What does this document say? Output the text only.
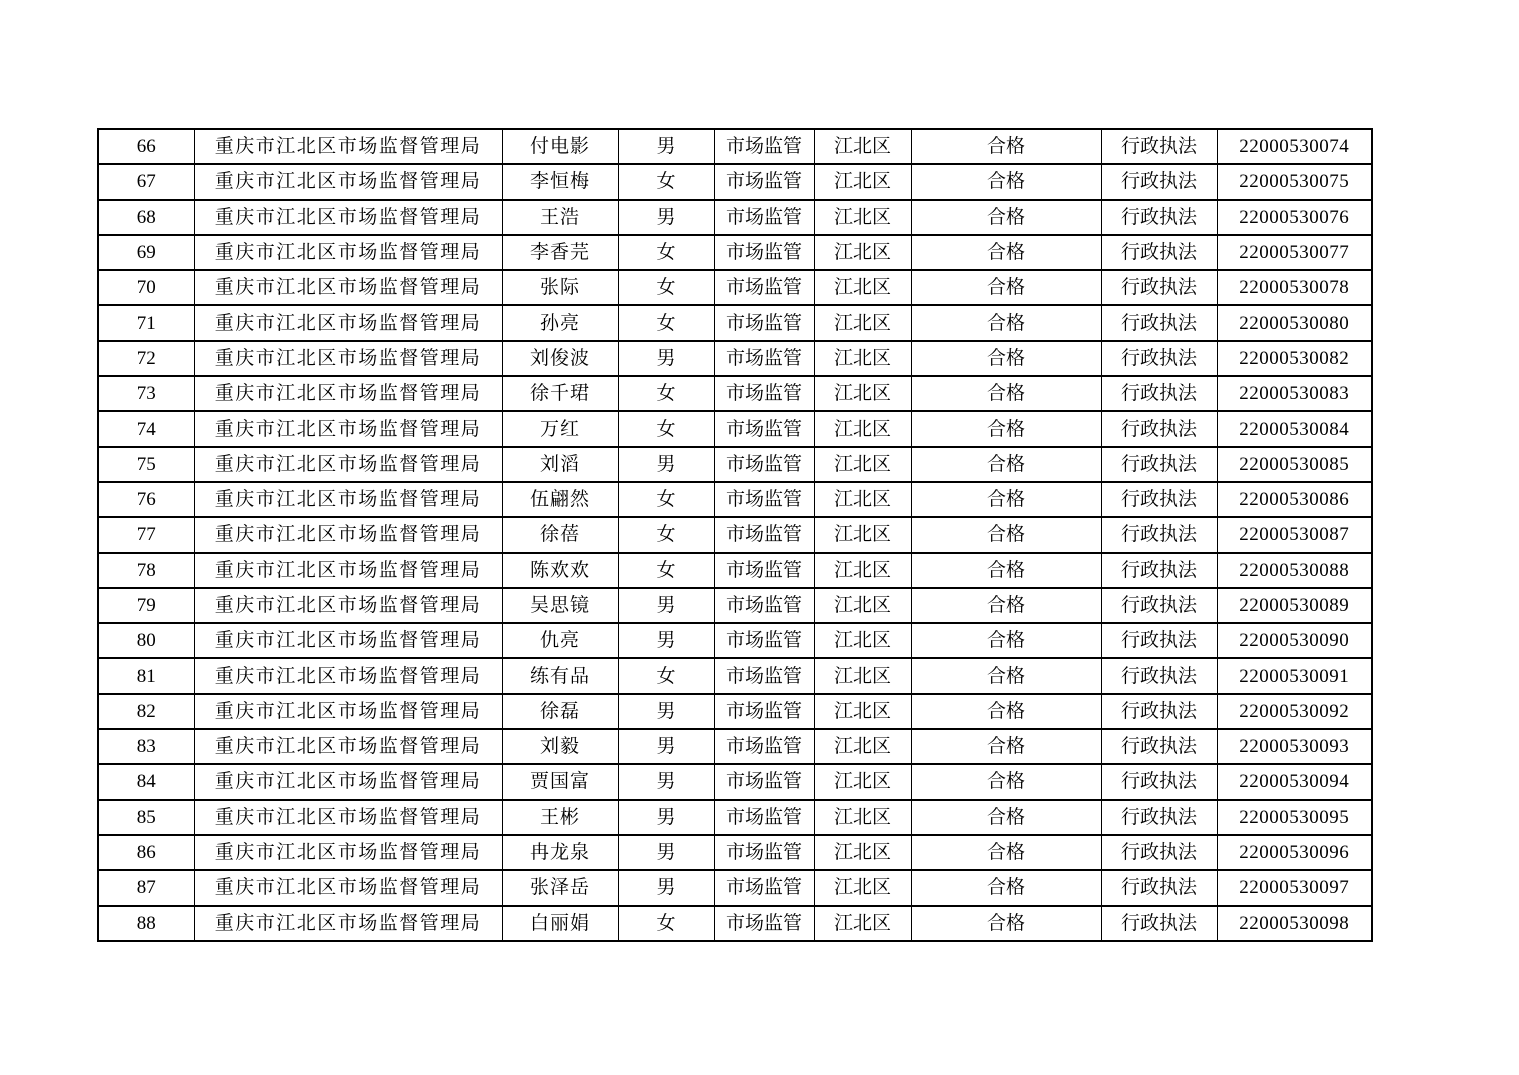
66	重庆市江北区市场监督管理局	付电影	男	市场监管	江北区	合格	行政执法	22000530074
67	重庆市江北区市场监督管理局	李恒梅	女	市场监管	江北区	合格	行政执法	22000530075
68	重庆市江北区市场监督管理局	王浩	男	市场监管	江北区	合格	行政执法	22000530076
69	重庆市江北区市场监督管理局	李香芫	女	市场监管	江北区	合格	行政执法	22000530077
70	重庆市江北区市场监督管理局	张际	女	市场监管	江北区	合格	行政执法	22000530078
71	重庆市江北区市场监督管理局	孙亮	女	市场监管	江北区	合格	行政执法	22000530080
72	重庆市江北区市场监督管理局	刘俊波	男	市场监管	江北区	合格	行政执法	22000530082
73	重庆市江北区市场监督管理局	徐千珺	女	市场监管	江北区	合格	行政执法	22000530083
74	重庆市江北区市场监督管理局	万红	女	市场监管	江北区	合格	行政执法	22000530084
75	重庆市江北区市场监督管理局	刘滔	男	市场监管	江北区	合格	行政执法	22000530085
76	重庆市江北区市场监督管理局	伍翩然	女	市场监管	江北区	合格	行政执法	22000530086
77	重庆市江北区市场监督管理局	徐蓓	女	市场监管	江北区	合格	行政执法	22000530087
78	重庆市江北区市场监督管理局	陈欢欢	女	市场监管	江北区	合格	行政执法	22000530088
79	重庆市江北区市场监督管理局	吴思镜	男	市场监管	江北区	合格	行政执法	22000530089
80	重庆市江北区市场监督管理局	仇亮	男	市场监管	江北区	合格	行政执法	22000530090
81	重庆市江北区市场监督管理局	练有品	女	市场监管	江北区	合格	行政执法	22000530091
82	重庆市江北区市场监督管理局	徐磊	男	市场监管	江北区	合格	行政执法	22000530092
83	重庆市江北区市场监督管理局	刘毅	男	市场监管	江北区	合格	行政执法	22000530093
84	重庆市江北区市场监督管理局	贾国富	男	市场监管	江北区	合格	行政执法	22000530094
85	重庆市江北区市场监督管理局	王彬	男	市场监管	江北区	合格	行政执法	22000530095
86	重庆市江北区市场监督管理局	冉龙泉	男	市场监管	江北区	合格	行政执法	22000530096
87	重庆市江北区市场监督管理局	张泽岳	男	市场监管	江北区	合格	行政执法	22000530097
88	重庆市江北区市场监督管理局	白丽娟	女	市场监管	江北区	合格	行政执法	22000530098
